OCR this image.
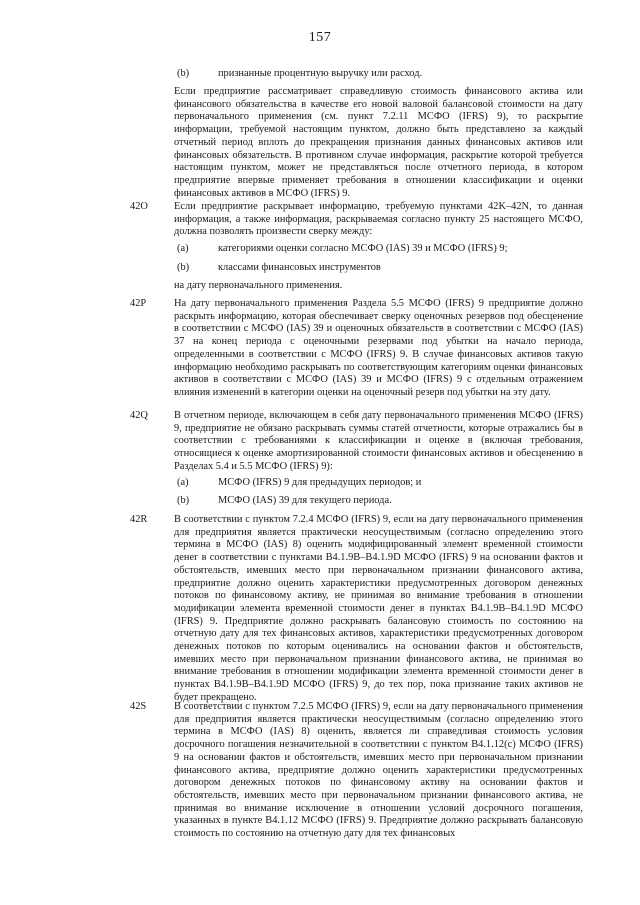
157
(b)	признанные процентную выручку или расход.

Если предприятие рассматривает справедливую стоимость финансового актива или финансового обязательства в качестве его новой валовой балансовой стоимости на дату первоначального применения (см. пункт 7.2.11 МСФО (IFRS) 9), то раскрытие информации, требуемой настоящим пунктом, должно быть представлено за каждый отчетный период вплоть до прекращения признания данных финансовых активов или финансовых обязательств. В противном случае информация, раскрытие которой требуется настоящим пунктом, может не представляться после отчетного периода, в котором предприятие впервые применяет требования в отношении классификации и оценки финансовых активов в МСФО (IFRS) 9.

42O	Если предприятие раскрывает информацию, требуемую пунктами 42K–42N, то данная информация, а также информация, раскрываемая согласно пункту 25 настоящего МСФО, должна позволять произвести сверку между:

(a)	категориями оценки согласно МСФО (IAS) 39 и МСФО (IFRS) 9;
(b)	классами финансовых инструментов

на дату первоначального применения.

42P	На дату первоначального применения Раздела 5.5 МСФО (IFRS) 9 предприятие должно раскрыть информацию, которая обеспечивает сверку оценочных резервов под обесценение в соответствии с МСФО (IAS) 39 и оценочных обязательств в соответствии с МСФО (IAS) 37 на конец периода с оценочными резервами под убытки на начало периода, определенными в соответствии с МСФО (IFRS) 9. В случае финансовых активов такую информацию необходимо раскрывать по соответствующим категориям оценки финансовых активов в соответствии с МСФО (IAS) 39 и МСФО (IFRS) 9 с отдельным отражением влияния изменений в категории оценки на оценочный резерв под убытки на эту дату.

42Q	В отчетном периоде, включающем в себя дату первоначального применения МСФО (IFRS) 9, предприятие не обязано раскрывать суммы статей отчетности, которые отражались бы в соответствии с требованиями к классификации и оценке в (включая требования, относящиеся к оценке амортизированной стоимости финансовых активов и обесценению в Разделах 5.4 и 5.5 МСФО (IFRS) 9):

(a)	МСФО (IFRS) 9 для предыдущих периодов; и
(b)	МСФО (IAS) 39 для текущего периода.
42R	В соответствии с пунктом 7.2.4 МСФО (IFRS) 9, если на дату первоначального применения для предприятия является практически неосуществимым (согласно определению этого термина в МСФО (IAS) 8) оценить модифицированный элемент временной стоимости денег в соответствии с пунктами B4.1.9B–B4.1.9D МСФО (IFRS) 9 на основании фактов и обстоятельств, имевших место при первоначальном признании финансового актива, предприятие должно оценить характеристики предусмотренных договором денежных потоков по финансовому активу, не принимая во внимание требования в отношении модификации элемента временной стоимости денег в пунктах B4.1.9B–B4.1.9D МСФО (IFRS) 9. Предприятие должно раскрывать балансовую стоимость по состоянию на отчетную дату для тех финансовых активов, характеристики предусмотренных договором денежных потоков по которым оценивались на основании фактов и обстоятельств, имевших место при первоначальном признании финансового актива, не принимая во внимание требования в отношении модификации элемента временной стоимости денег в пунктах B4.1.9B–B4.1.9D МСФО (IFRS) 9, до тех пор, пока признание таких активов не будет прекращено.

42S	В соответствии с пунктом 7.2.5 МСФО (IFRS) 9, если на дату первоначального применения для предприятия является практически неосуществимым (согласно определению этого термина в МСФО (IAS) 8) оценить, является ли справедливая стоимость условия досрочного погашения незначительной в соответствии с пунктом B4.1.12(c) МСФО (IFRS) 9 на основании фактов и обстоятельств, имевших место при первоначальном признании финансового актива, предприятие должно оценить характеристики предусмотренных договором денежных потоков по финансовому активу на основании фактов и обстоятельств, имевших место при первоначальном признании финансового актива, не принимая во внимание исключение в отношении условий досрочного погашения, указанных в пункте B4.1.12 МСФО (IFRS) 9. Предприятие должно раскрывать балансовую стоимость по состоянию на отчетную дату для тех финансовых
